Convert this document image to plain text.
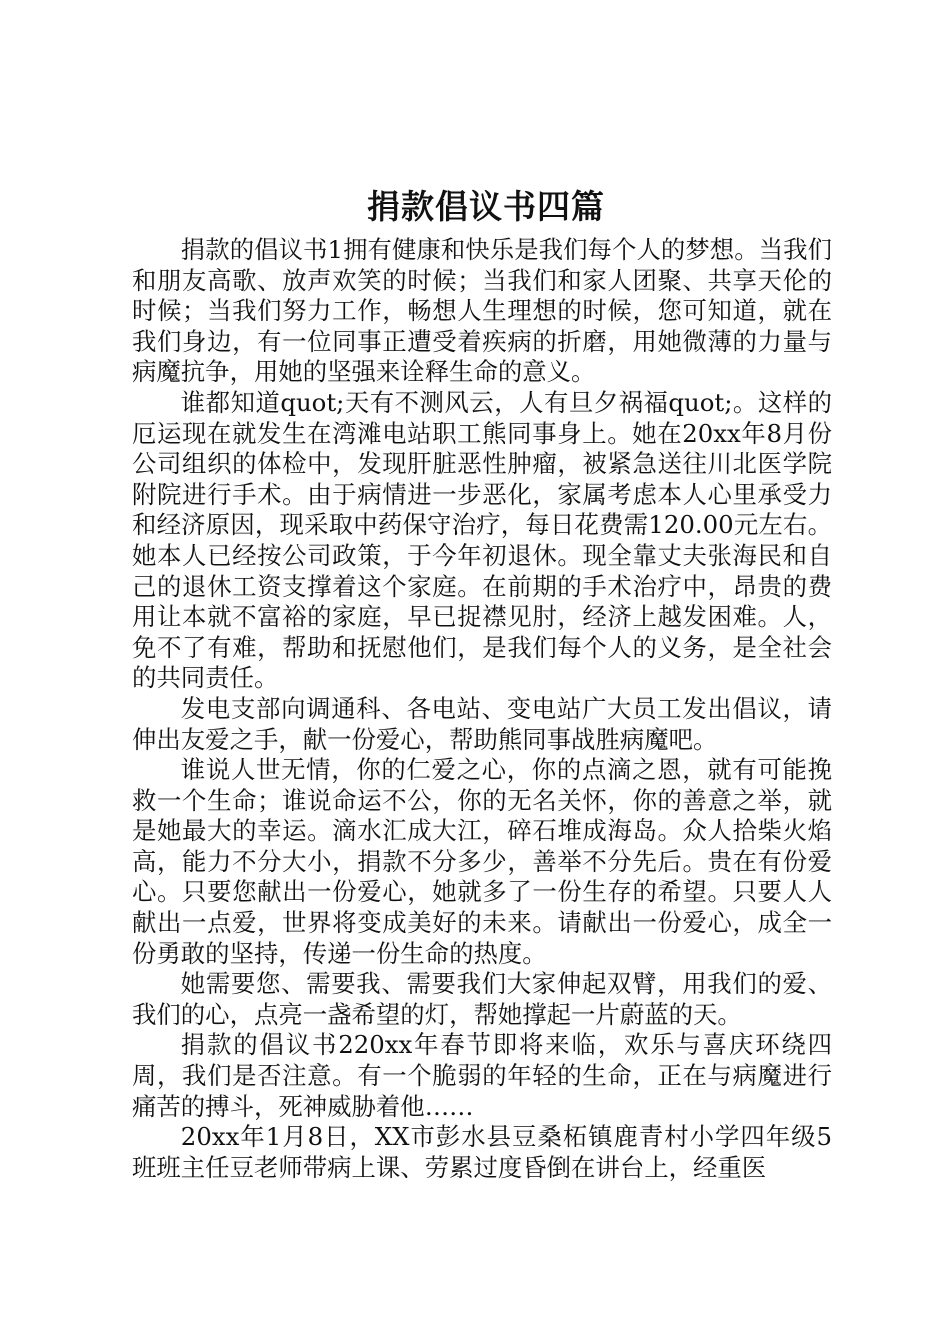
捐款倡议书四篇

捐款的倡议书1拥有健康和快乐是我们每个人的梦想。当我们和朋友高歌、放声欢笑的时候；当我们和家人团聚、共享天伦的时候；当我们努力工作，畅想人生理想的时候，您可知道，就在我们身边，有一位同事正遭受着疾病的折磨，用她微薄的力量与病魔抗争，用她的坚强来诠释生命的意义。

谁都知道quot;天有不测风云，人有旦夕祸福quot;。这样的厄运现在就发生在湾滩电站职工熊同事身上。她在20xx年8月份公司组织的体检中，发现肝脏恶性肿瘤，被紧急送往川北医学院附院进行手术。由于病情进一步恶化，家属考虑本人心里承受力和经济原因，现采取中药保守治疗，每日花费需120.00元左右。她本人已经按公司政策，于今年初退休。现全靠丈夫张海民和自己的退休工资支撑着这个家庭。在前期的手术治疗中，昂贵的费用让本就不富裕的家庭，早已捉襟见肘，经济上越发困难。人，免不了有难，帮助和抚慰他们，是我们每个人的义务，是全社会的共同责任。

发电支部向调通科、各电站、变电站广大员工发出倡议，请伸出友爱之手，献一份爱心，帮助熊同事战胜病魔吧。

谁说人世无情，你的仁爱之心，你的点滴之恩，就有可能挽救一个生命；谁说命运不公，你的无名关怀，你的善意之举，就是她最大的幸运。滴水汇成大江，碎石堆成海岛。众人拾柴火焰高，能力不分大小，捐款不分多少，善举不分先后。贵在有份爱心。只要您献出一份爱心，她就多了一份生存的希望。只要人人献出一点爱，世界将变成美好的未来。请献出一份爱心，成全一份勇敢的坚持，传递一份生命的热度。

她需要您、需要我、需要我们大家伸起双臂，用我们的爱、我们的心，点亮一盏希望的灯，帮她撑起一片蔚蓝的天。

捐款的倡议书220xx年春节即将来临，欢乐与喜庆环绕四周，我们是否注意。有一个脆弱的年轻的生命，正在与病魔进行痛苦的搏斗，死神威胁着他……

20xx年1月8日，XX市彭水县豆桑柘镇鹿青村小学四年级5班班主任豆老师带病上课、劳累过度昏倒在讲台上，经重医
